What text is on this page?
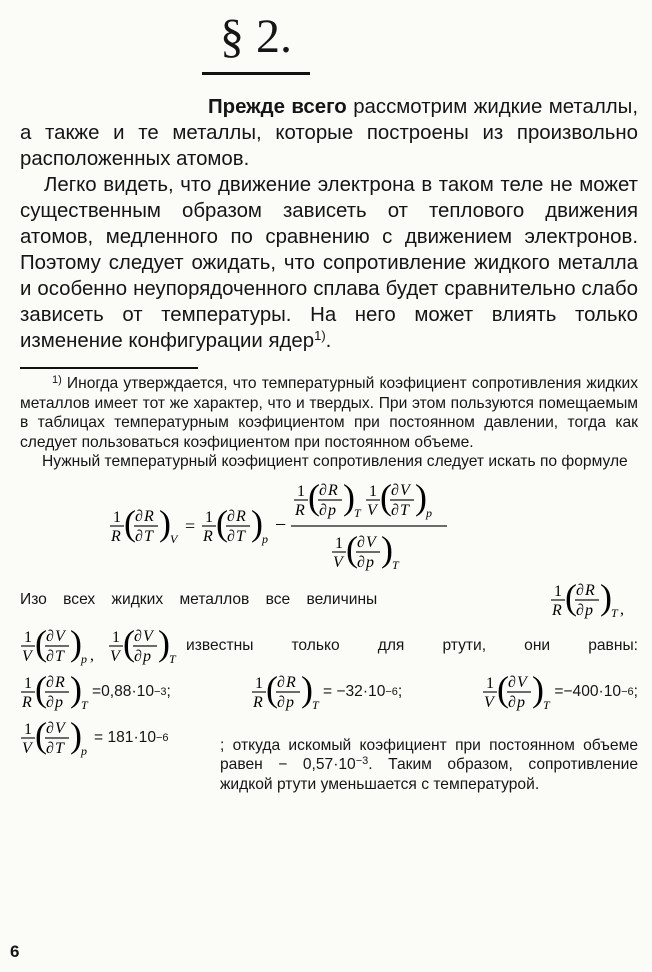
§ 2.

Прежде всего рассмотрим жидкие металлы, а также и те металлы, которые построены из произвольно расположенных атомов.

Легко видеть, что движение электрона в таком теле не может существенным образом зависеть от теплового движения атомов, медленного по сравнению с движением электронов. Поэтому следует ожидать, что сопротивление жидкого металла и особенно неупорядоченного сплава будет сравнительно слабо зависеть от температуры. На него может влиять только изменение конфигурации ядер$^{1)}$.

$^{1)}$ Иногда утверждается, что температурный коэфициент сопротивления жидких металлов имеет тот же характер, что и твердых. При этом пользуются помещаемым в таблицах температурным коэфициентом при постоянном давлении, тогда как следует пользоваться коэфициентом при постоянном объеме.

Нужный температурный коэфициент сопротивления следует искать по формуле

1
R ( ∂ R
∂ T ) V
= 1
R ( ∂ R
∂ T ) p
−
1
R ( ∂ R
∂ p ) T
1
V ( ∂ V
∂ T ) p
1
V ( ∂ V
∂ p ) T
Изо всех жидких металлов все величины	1
R ( ∂ R
∂ p ) T ,
1
V ( ∂ V
∂ T ) p ,
1
V ( ∂ V
∂ p ) T
известны только для ртути, они равны:
1
R ( ∂ R
∂ p ) T
=0,88·10 −3 ;	1
R ( ∂ R
∂ p ) T
= −32·10 −6 ;	1
V ( ∂ V
∂ p ) T
=−400·10 −6 ;
1
V ( ∂ V
∂ T ) p
= 181·10 −6	; откуда искомый коэфициент при постоянном объеме равен − 0,57·10$^{-3}$. Таким образом, сопротивление жидкой ртути уменьшается с температурой.

6
